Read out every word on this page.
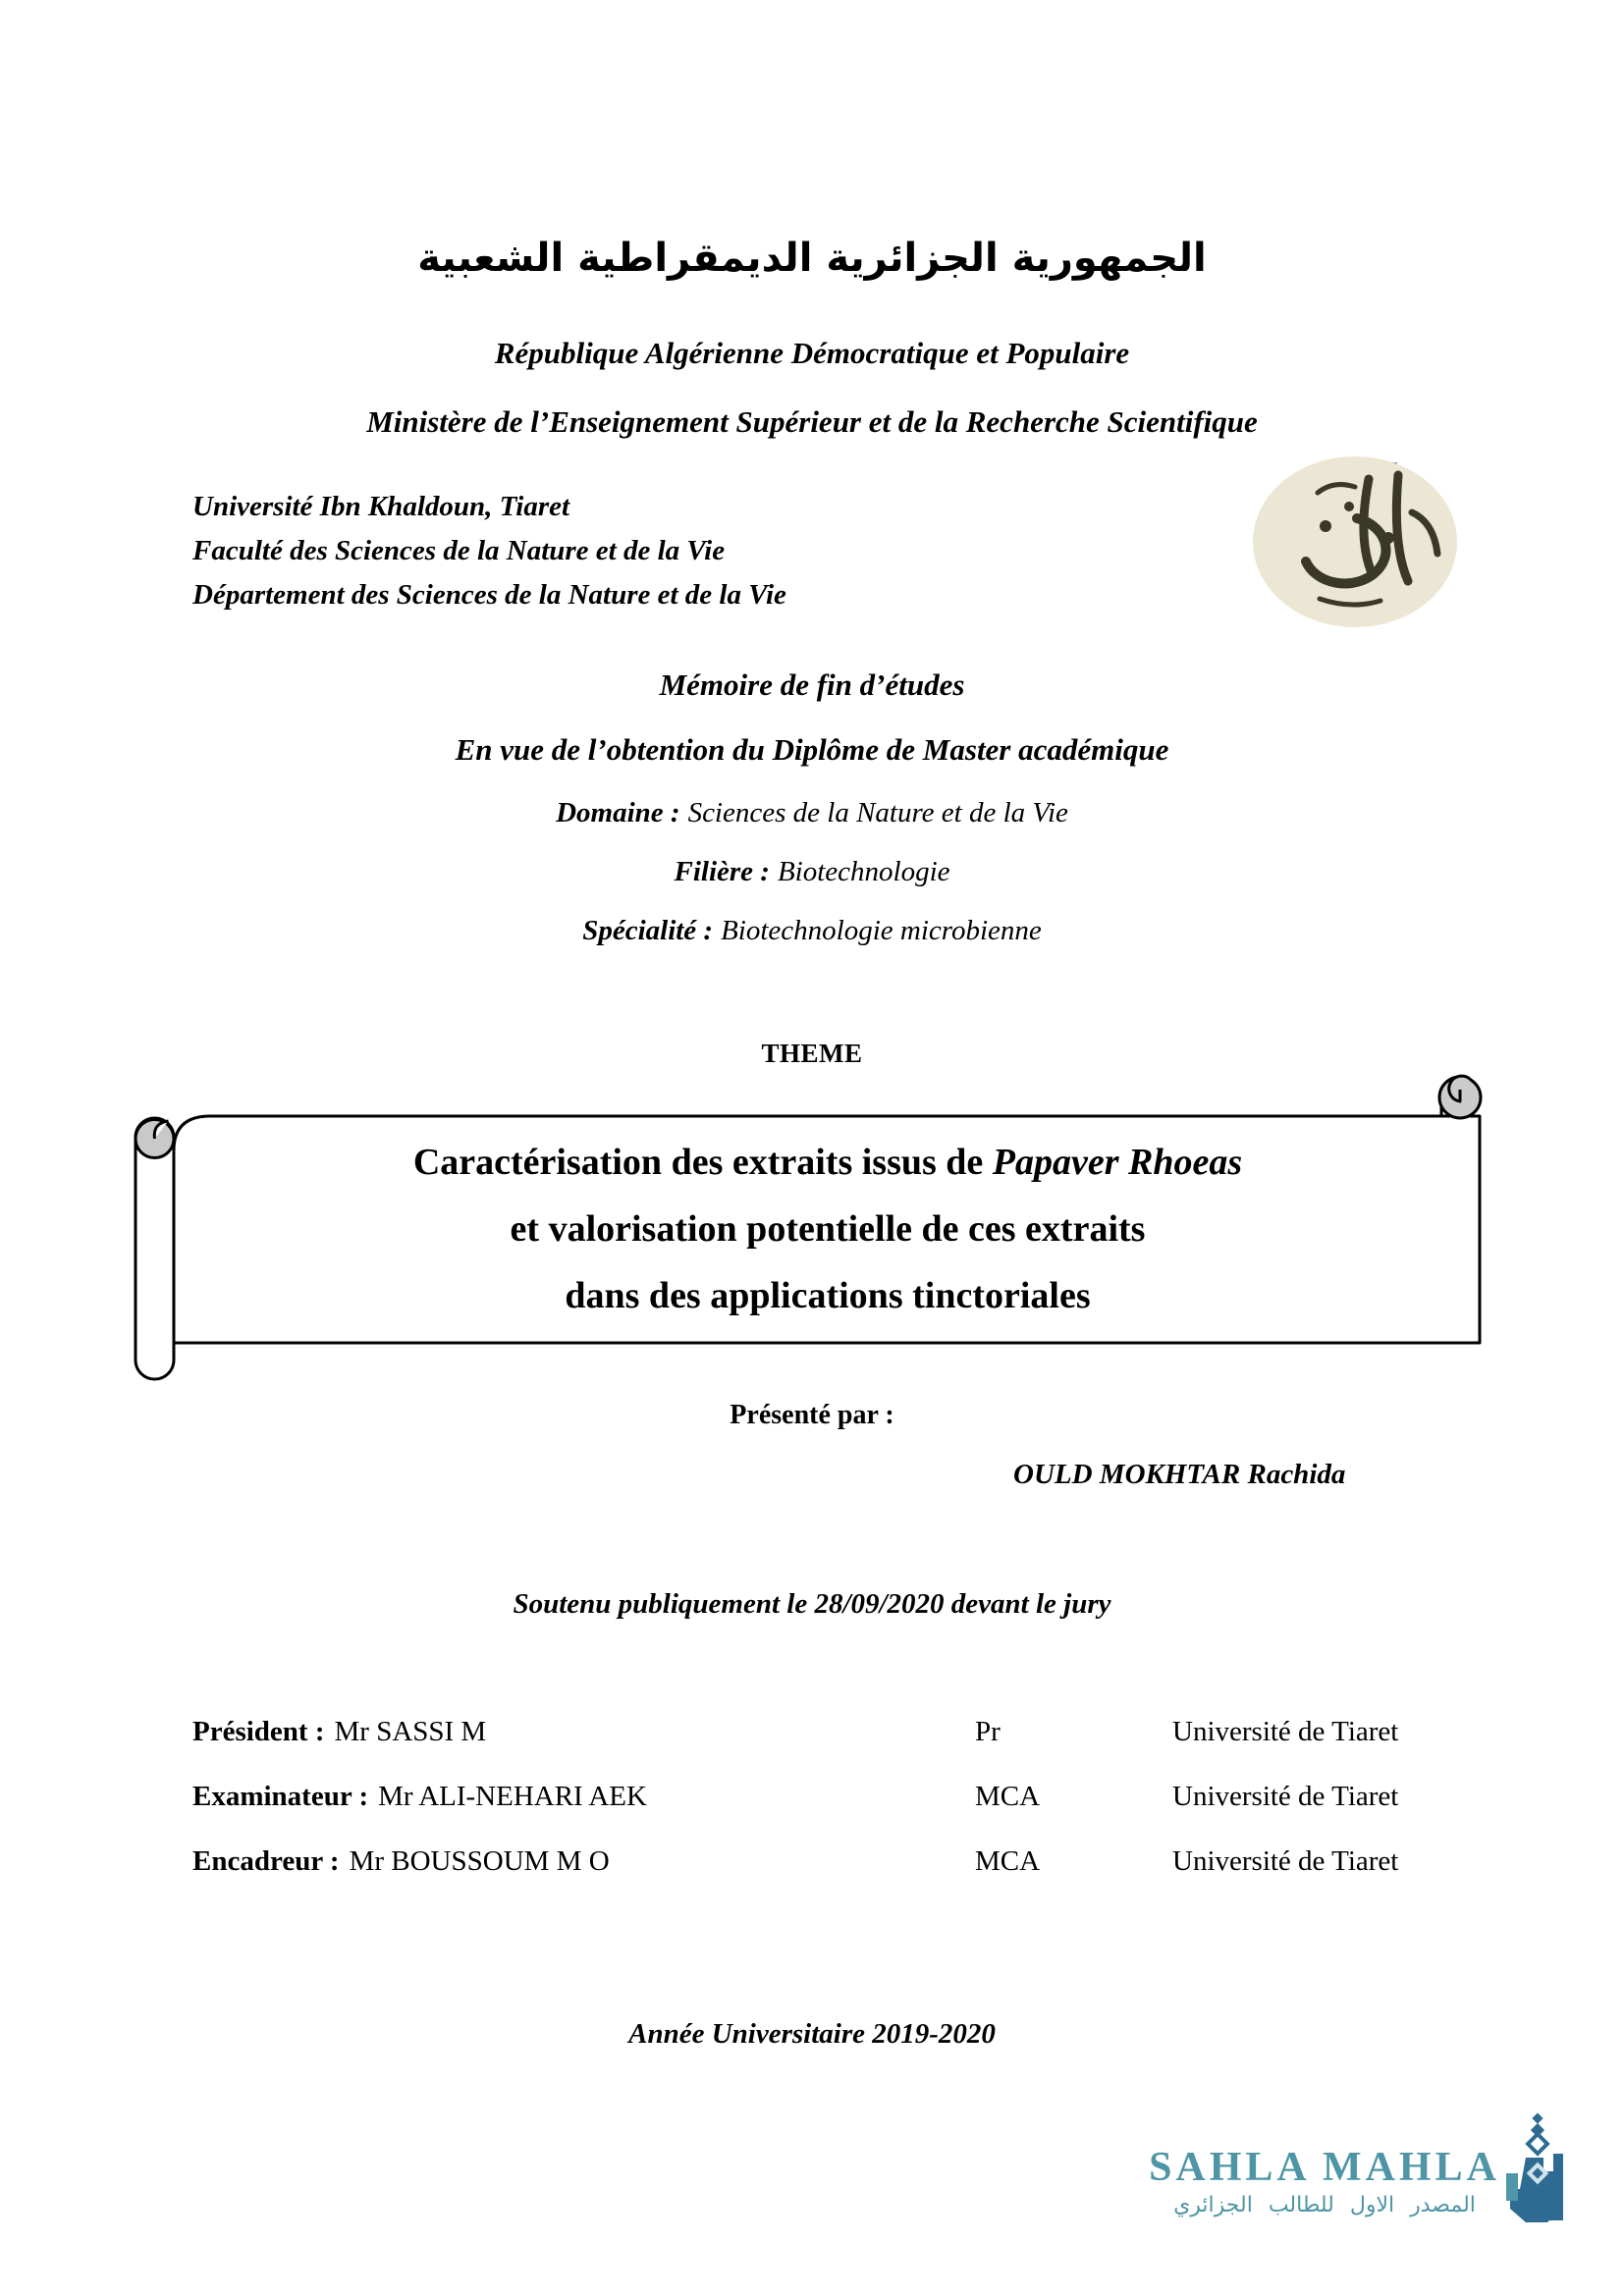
الجمهورية الجزائرية الديمقراطية الشعبية
République Algérienne Démocratique et Populaire
Ministère de l’Enseignement Supérieur et de la Recherche Scientifique
Université Ibn Khaldoun, Tiaret
Faculté des Sciences de la Nature et de la Vie
Département des Sciences de la Nature et de la Vie
Mémoire de fin d’études
En vue de l’obtention du Diplôme de Master académique
Domaine : Sciences de la Nature et de la Vie
Filière : Biotechnologie
Spécialité : Biotechnologie microbienne
THEME
Caractérisation des extraits issus de Papaver Rhoeas
et valorisation potentielle de ces extraits
dans des applications tinctoriales
Présenté par :
OULD MOKHTAR Rachida
Soutenu publiquement le 28/09/2020 devant le jury
Président : Mr SASSI M	Pr	Université de Tiaret
Examinateur : Mr ALI-NEHARI AEK	MCA	Université de Tiaret
Encadreur : Mr BOUSSOUM M O	MCA	Université de Tiaret
Année Universitaire 2019-2020
SAHLA MAHLA
المصدر الاول للطالب الجزائري
